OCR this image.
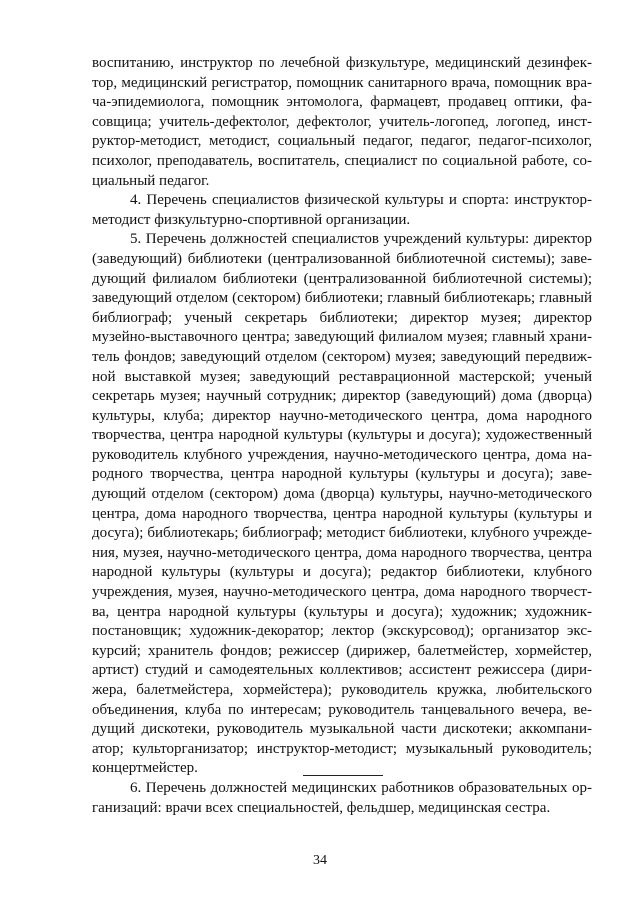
воспитанию, инструктор по лечебной физкультуре, медицинский дезинфектор, медицинский регистратор, помощник санитарного врача, помощник врача-эпидемиолога, помощник энтомолога, фармацевт, продавец оптики, фасовщица; учитель-дефектолог, дефектолог, учитель-логопед, логопед, инструктор-методист, методист, социальный педагог, педагог, педагог-психолог, психолог, преподаватель, воспитатель, специалист по социальной работе, социальный педагог.

4. Перечень специалистов физической культуры и спорта: инструктор-методист физкультурно-спортивной организации.

5. Перечень должностей специалистов учреждений культуры: директор (заведующий) библиотеки (централизованной библиотечной системы); заведующий филиалом библиотеки (централизованной библиотечной системы); заведующий отделом (сектором) библиотеки; главный библиотекарь; главный библиограф; ученый секретарь библиотеки; директор музея; директор музейно-выставочного центра; заведующий филиалом музея; главный хранитель фондов; заведующий отделом (сектором) музея; заведующий передвижной выставкой музея; заведующий реставрационной мастерской; ученый секретарь музея; научный сотрудник; директор (заведующий) дома (дворца) культуры, клуба; директор научно-методического центра, дома народного творчества, центра народной культуры (культуры и досуга); художественный руководитель клубного учреждения, научно-методического центра, дома народного творчества, центра народной культуры (культуры и досуга); заведующий отделом (сектором) дома (дворца) культуры, научно-методического центра, дома народного творчества, центра народной культуры (культуры и досуга); библиотекарь; библиограф; методист библиотеки, клубного учреждения, музея, научно-методического центра, дома народного творчества, центра народной культуры (культуры и досуга); редактор библиотеки, клубного учреждения, музея, научно-методического центра, дома народного творчества, центра народной культуры (культуры и досуга); художник; художник-постановщик; художник-декоратор; лектор (экскурсовод); организатор экскурсий; хранитель фондов; режиссер (дирижер, балетмейстер, хормейстер, артист) студий и самодеятельных коллективов; ассистент режиссера (дирижера, балетмейстера, хормейстера); руководитель кружка, любительского объединения, клуба по интересам; руководитель танцевального вечера, ведущий дискотеки, руководитель музыкальной части дискотеки; аккомпаниатор; культорганизатор; инструктор-методист; музыкальный руководитель; концертмейстер.

6. Перечень должностей медицинских работников образовательных организаций: врачи всех специальностей, фельдшер, медицинская сестра.

34
